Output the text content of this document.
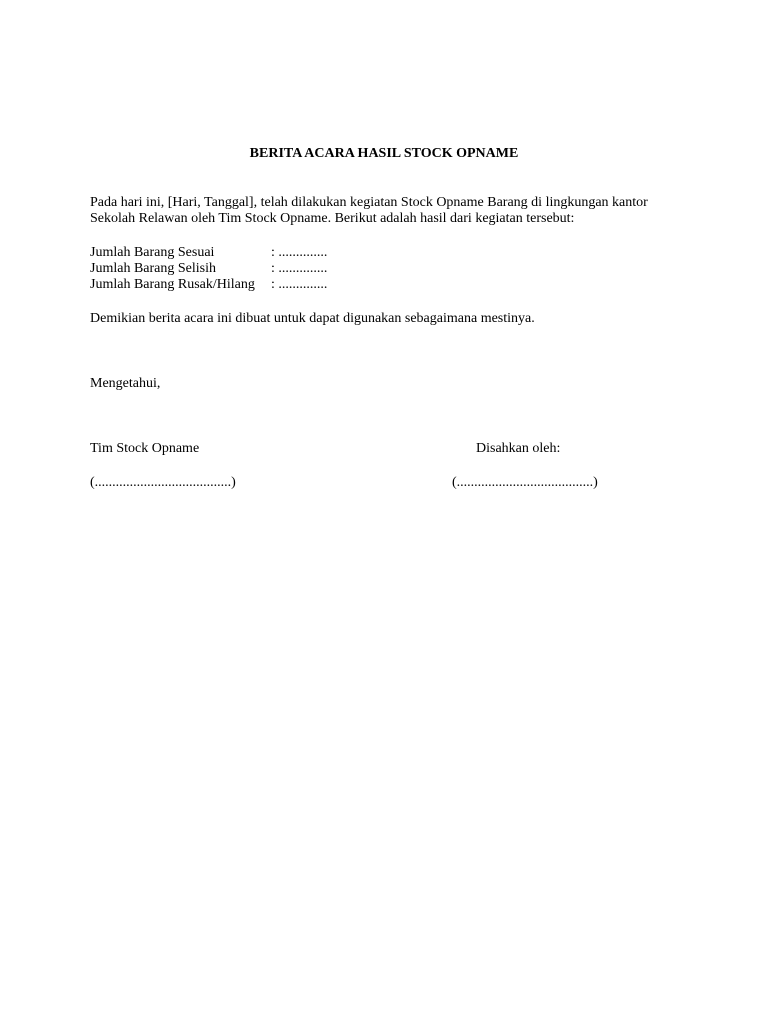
BERITA ACARA HASIL STOCK OPNAME
Pada hari ini, [Hari, Tanggal], telah dilakukan kegiatan Stock Opname Barang di lingkungan kantor
Sekolah Relawan oleh Tim Stock Opname. Berikut adalah hasil dari kegiatan tersebut:
Jumlah Barang Sesuai	: ..............
Jumlah Barang Selisih	: ..............
Jumlah Barang Rusak/Hilang : ..............
Demikian berita acara ini dibuat untuk dapat digunakan sebagaimana mestinya.
Mengetahui,
Tim Stock Opname	Disahkan oleh:
(.......................................)	(.......................................)
